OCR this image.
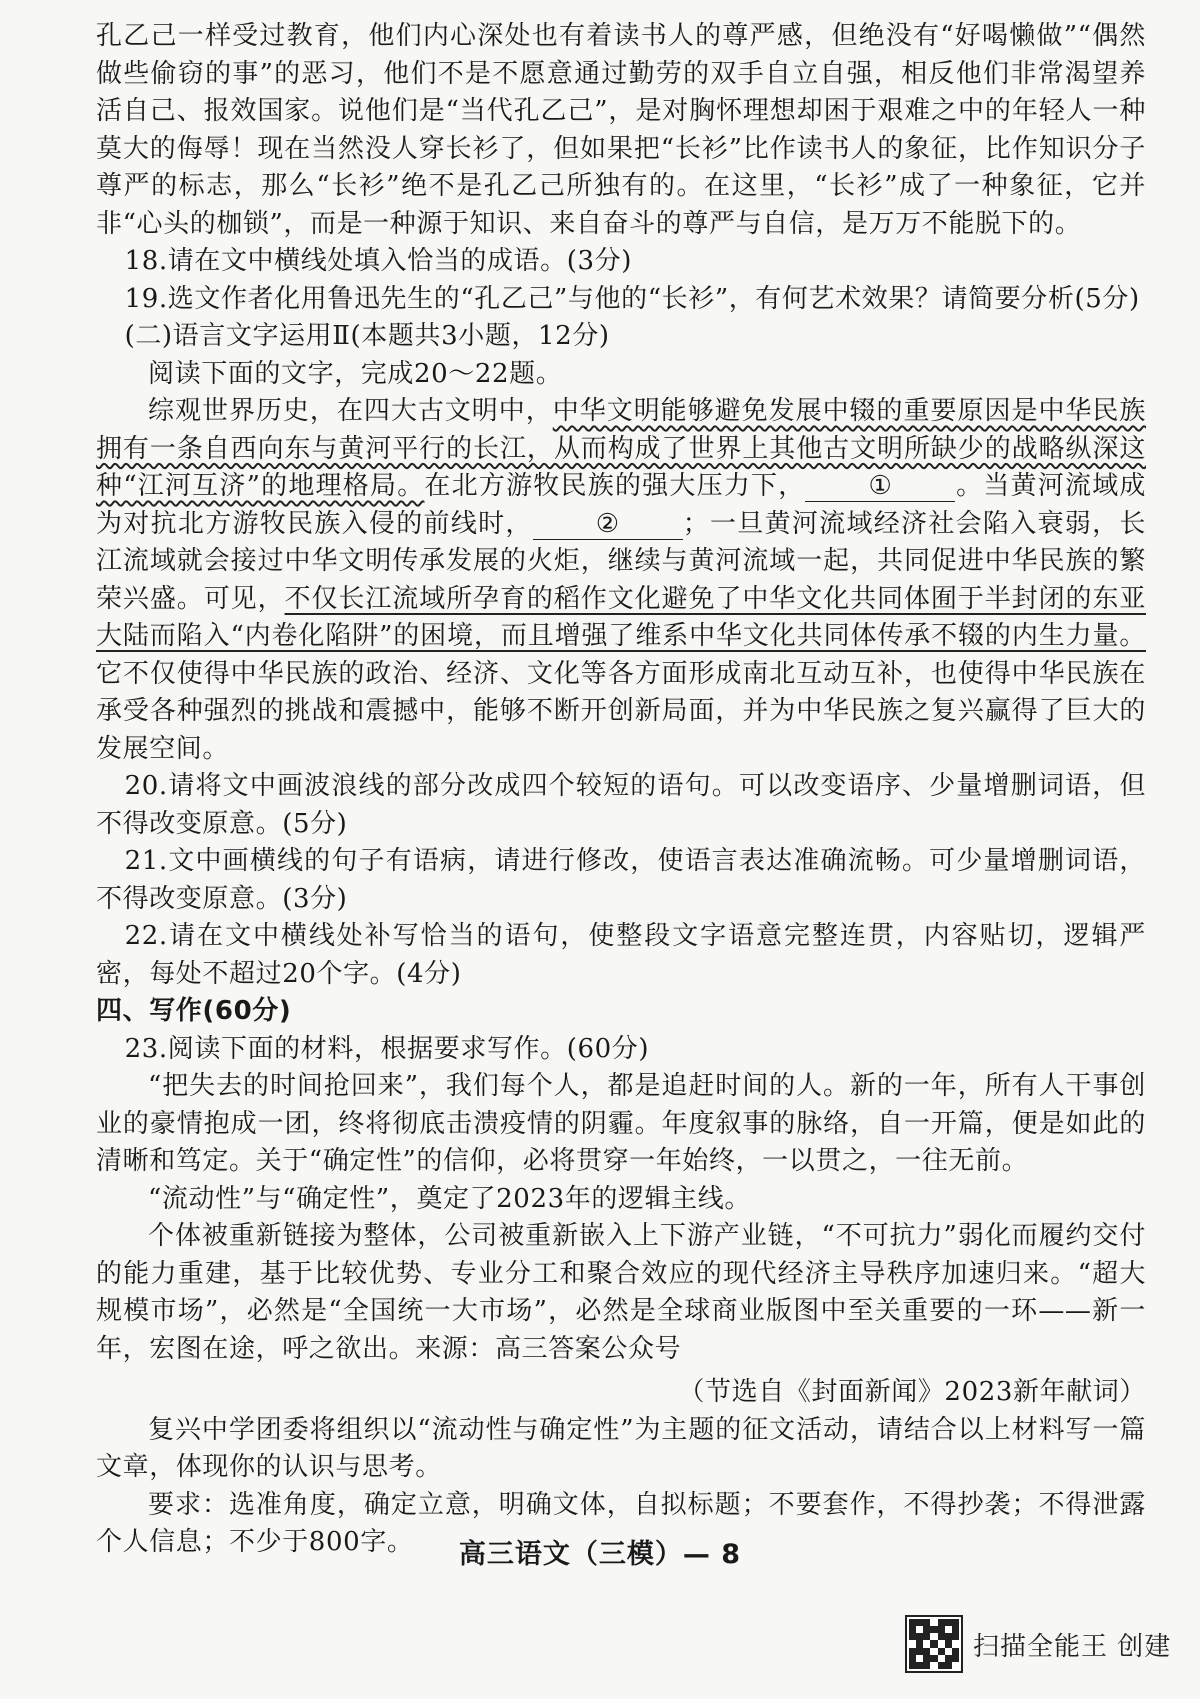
孔乙己一样受过教育，他们内心深处也有着读书人的尊严感，但绝没有“好喝懒做”“偶然做些偷窃的事”的恶习，他们不是不愿意通过勤劳的双手自立自强，相反他们非常渴望养活自己、报效国家。说他们是“当代孔乙己”，是对胸怀理想却困于艰难之中的年轻人一种莫大的侮辱！现在当然没人穿长衫了，但如果把“长衫”比作读书人的象征，比作知识分子尊严的标志，那么“长衫”绝不是孔乙己所独有的。在这里，“长衫”成了一种象征，它并非“心头的枷锁”，而是一种源于知识、来自奋斗的尊严与自信，是万万不能脱下的。

18.请在文中横线处填入恰当的成语。(3分)

19.选文作者化用鲁迅先生的“孔乙己”与他的“长衫”，有何艺术效果？请简要分析(5分)

(二)语言文字运用Ⅱ(本题共3小题，12分)

阅读下面的文字，完成20～22题。

综观世界历史，在四大古文明中，中华文明能够避免发展中辍的重要原因是中华民族拥有一条自西向东与黄河平行的长江，从而构成了世界上其他古文明所缺少的战略纵深这种“江河互济”的地理格局。在北方游牧民族的强大压力下， ① 。当黄河流域成为对抗北方游牧民族入侵的前线时， ② ；一旦黄河流域经济社会陷入衰弱，长江流域就会接过中华文明传承发展的火炬，继续与黄河流域一起，共同促进中华民族的繁荣兴盛。可见，不仅长江流域所孕育的稻作文化避免了中华文化共同体囿于半封闭的东亚大陆而陷入“内卷化陷阱”的困境，而且增强了维系中华文化共同体传承不辍的内生力量。它不仅使得中华民族的政治、经济、文化等各方面形成南北互动互补，也使得中华民族在承受各种强烈的挑战和震撼中，能够不断开创新局面，并为中华民族之复兴赢得了巨大的发展空间。

20.请将文中画波浪线的部分改成四个较短的语句。可以改变语序、少量增删词语，但不得改变原意。(5分)

21.文中画横线的句子有语病，请进行修改，使语言表达准确流畅。可少量增删词语，不得改变原意。(3分)

22.请在文中横线处补写恰当的语句，使整段文字语意完整连贯，内容贴切，逻辑严密，每处不超过20个字。(4分)

四、写作(60分)

23.阅读下面的材料，根据要求写作。(60分)

“把失去的时间抢回来”，我们每个人，都是追赶时间的人。新的一年，所有人干事创业的豪情抱成一团，终将彻底击溃疫情的阴霾。年度叙事的脉络，自一开篇，便是如此的清晰和笃定。关于“确定性”的信仰，必将贯穿一年始终，一以贯之，一往无前。

“流动性”与“确定性”，奠定了2023年的逻辑主线。

个体被重新链接为整体，公司被重新嵌入上下游产业链，“不可抗力”弱化而履约交付的能力重建，基于比较优势、专业分工和聚合效应的现代经济主导秩序加速归来。“超大规模市场”，必然是“全国统一大市场”，必然是全球商业版图中至关重要的一环——新一年，宏图在途，呼之欲出。来源：高三答案公众号

（节选自《封面新闻》2023新年献词）

复兴中学团委将组织以“流动性与确定性”为主题的征文活动，请结合以上材料写一篇文章，体现你的认识与思考。

要求：选准角度，确定立意，明确文体，自拟标题；不要套作，不得抄袭；不得泄露个人信息；不少于800字。	高三语文（三模）— 8
扫描全能王 创建
